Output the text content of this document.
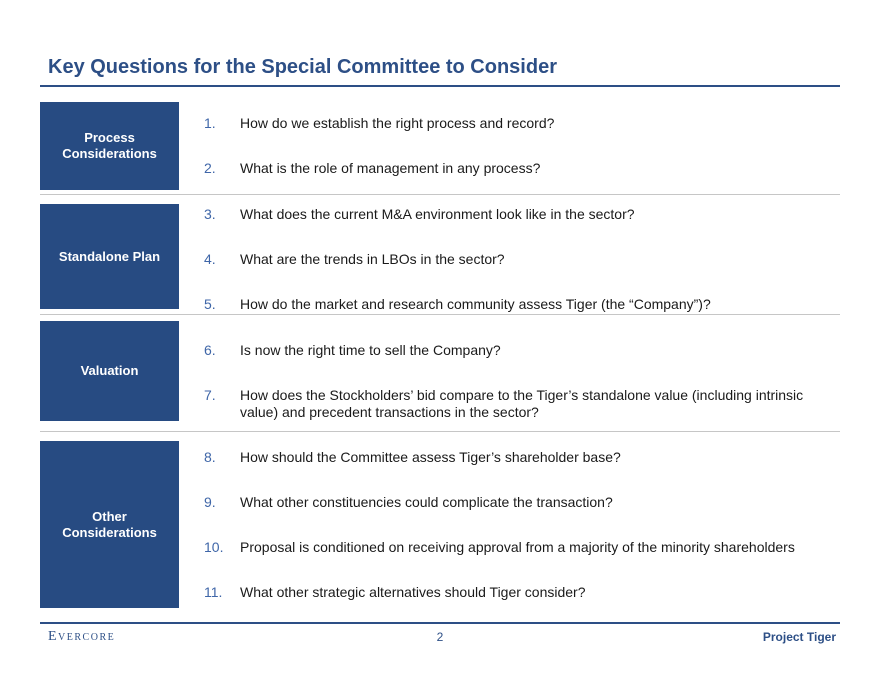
Key Questions for the Special Committee to Consider
Process
Considerations
Standalone Plan
Valuation
Other
Considerations
1.	How do we establish the right process and record?
2.	What is the role of management in any process?
3.	What does the current M&A environment look like in the sector?
4.	What are the trends in LBOs in the sector?
5.	How do the market and research community assess Tiger (the “Company”)?
6.	Is now the right time to sell the Company?
7.	How does the Stockholders’ bid compare to the Tiger’s standalone value (including intrinsic value) and precedent transactions in the sector?
8.	How should the Committee assess Tiger’s shareholder base?
9.	What other constituencies could complicate the transaction?
10.	Proposal is conditioned on receiving approval from a majority of the minority shareholders
11.	What other strategic alternatives should Tiger consider?
Evercore	2	Project Tiger
